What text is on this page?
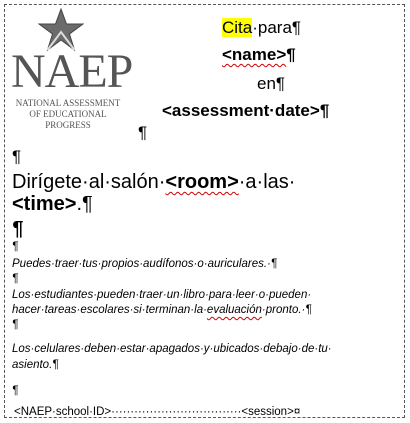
NAEP
NATIONAL ASSESSMENT
OF EDUCATIONAL
PROGRESS
Cita·para¶
<name>¶
en¶
<assessment·date>¶
¶
¶
Dirígete·al·salón·<room>·a·las·
<time>.¶
¶
¶
Puedes·traer·tus·propios·audífonos·o·auriculares.·¶
¶
Los·estudiantes·pueden·traer·un·libro·para·leer·o·pueden·
hacer·tareas·escolares·si·terminan·la·evaluación·pronto.·¶
¶
Los·celulares·deben·estar·apagados·y·ubicados·debajo·de·tu·
asiento.¶
¶
<NAEP·school·ID>··································<session>¤
